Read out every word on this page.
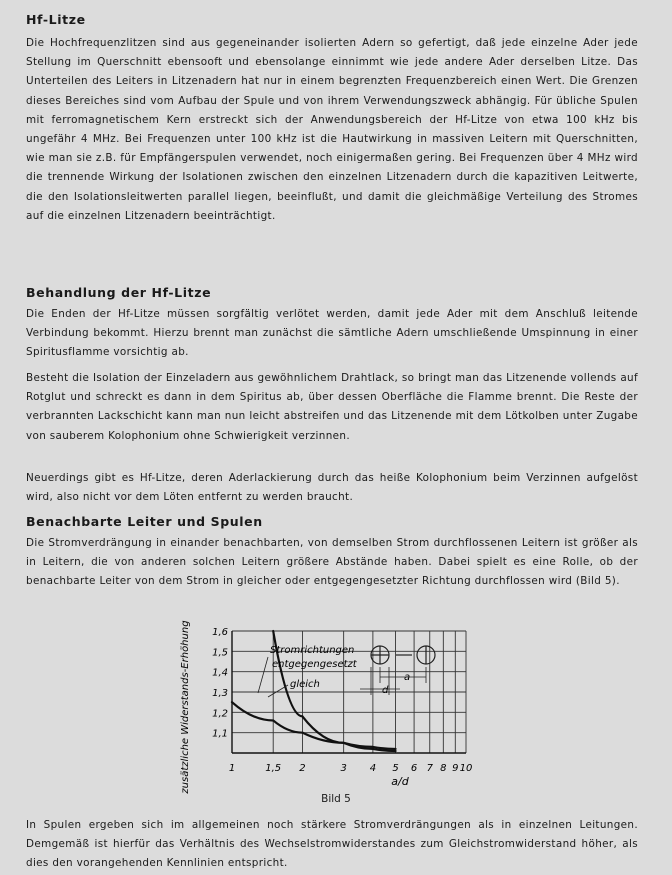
Hf-Litze

Die Hochfrequenzlitzen sind aus gegeneinander isolierten Adern so gefertigt, daß jede einzelne Ader jede Stellung im Querschnitt ebensooft und ebensolange einnimmt wie jede andere Ader derselben Litze. Das Unterteilen des Leiters in Litzenadern hat nur in einem begrenzten Frequenzbereich einen Wert. Die Grenzen dieses Bereiches sind vom Aufbau der Spule und von ihrem Verwendungszweck abhängig. Für übliche Spulen mit ferromagnetischem Kern erstreckt sich der Anwendungsbereich der Hf-Litze von etwa 100 kHz bis ungefähr 4 MHz. Bei Frequenzen unter 100 kHz ist die Hautwirkung in massiven Leitern mit Querschnitten, wie man sie z.B. für Empfängerspulen verwendet, noch einigermaßen gering. Bei Frequenzen über 4 MHz wird die trennende Wirkung der Isolationen zwischen den einzelnen Litzenadern durch die kapazitiven Leitwerte, die den Isolationsleitwerten parallel liegen, beeinflußt, und damit die gleichmäßige Verteilung des Stromes auf die einzelnen Litzenadern beeinträchtigt.

Behandlung der Hf-Litze

Die Enden der Hf-Litze müssen sorgfältig verlötet werden, damit jede Ader mit dem Anschluß leitende Verbindung bekommt. Hierzu brennt man zunächst die sämtliche Adern umschließende Umspinnung in einer Spiritusflamme vorsichtig ab.

Besteht die Isolation der Einzeladern aus gewöhnlichem Drahtlack, so bringt man das Litzenende vollends auf Rotglut und schreckt es dann in dem Spiritus ab, über dessen Oberfläche die Flamme brennt. Die Reste der verbrannten Lackschicht kann man nun leicht abstreifen und das Litzenende mit dem Lötkolben unter Zugabe von sauberem Kolophonium ohne Schwierigkeit verzinnen.

Neuerdings gibt es Hf-Litze, deren Aderlackierung durch das heiße Kolophonium beim Verzinnen aufgelöst wird, also nicht vor dem Löten entfernt zu werden braucht.

Benachbarte Leiter und Spulen

Die Stromverdrängung in einander benachbarten, von demselben Strom durchflossenen Leitern ist größer als in Leitern, die von anderen solchen Leitern größere Abstände haben. Dabei spielt es eine Rolle, ob der benachbarte Leiter von dem Strom in gleicher oder entgegengesetzter Richtung durchflossen wird (Bild 5).

1,6
1,5
1,4
1,3
1,2
1,1
1	1,5 2	3 4 5 6 7 8 9 10
zusätzliche Widerstands-Erhöhung	Stromrichtungen
entgegengesetzt
gleich
a
d
a/d

Bild 5

In Spulen ergeben sich im allgemeinen noch stärkere Stromverdrängungen als in einzelnen Leitungen. Demgemäß ist hierfür das Verhältnis des Wechselstromwiderstandes zum Gleichstromwiderstand höher, als dies den vorangehenden Kennlinien entspricht.
